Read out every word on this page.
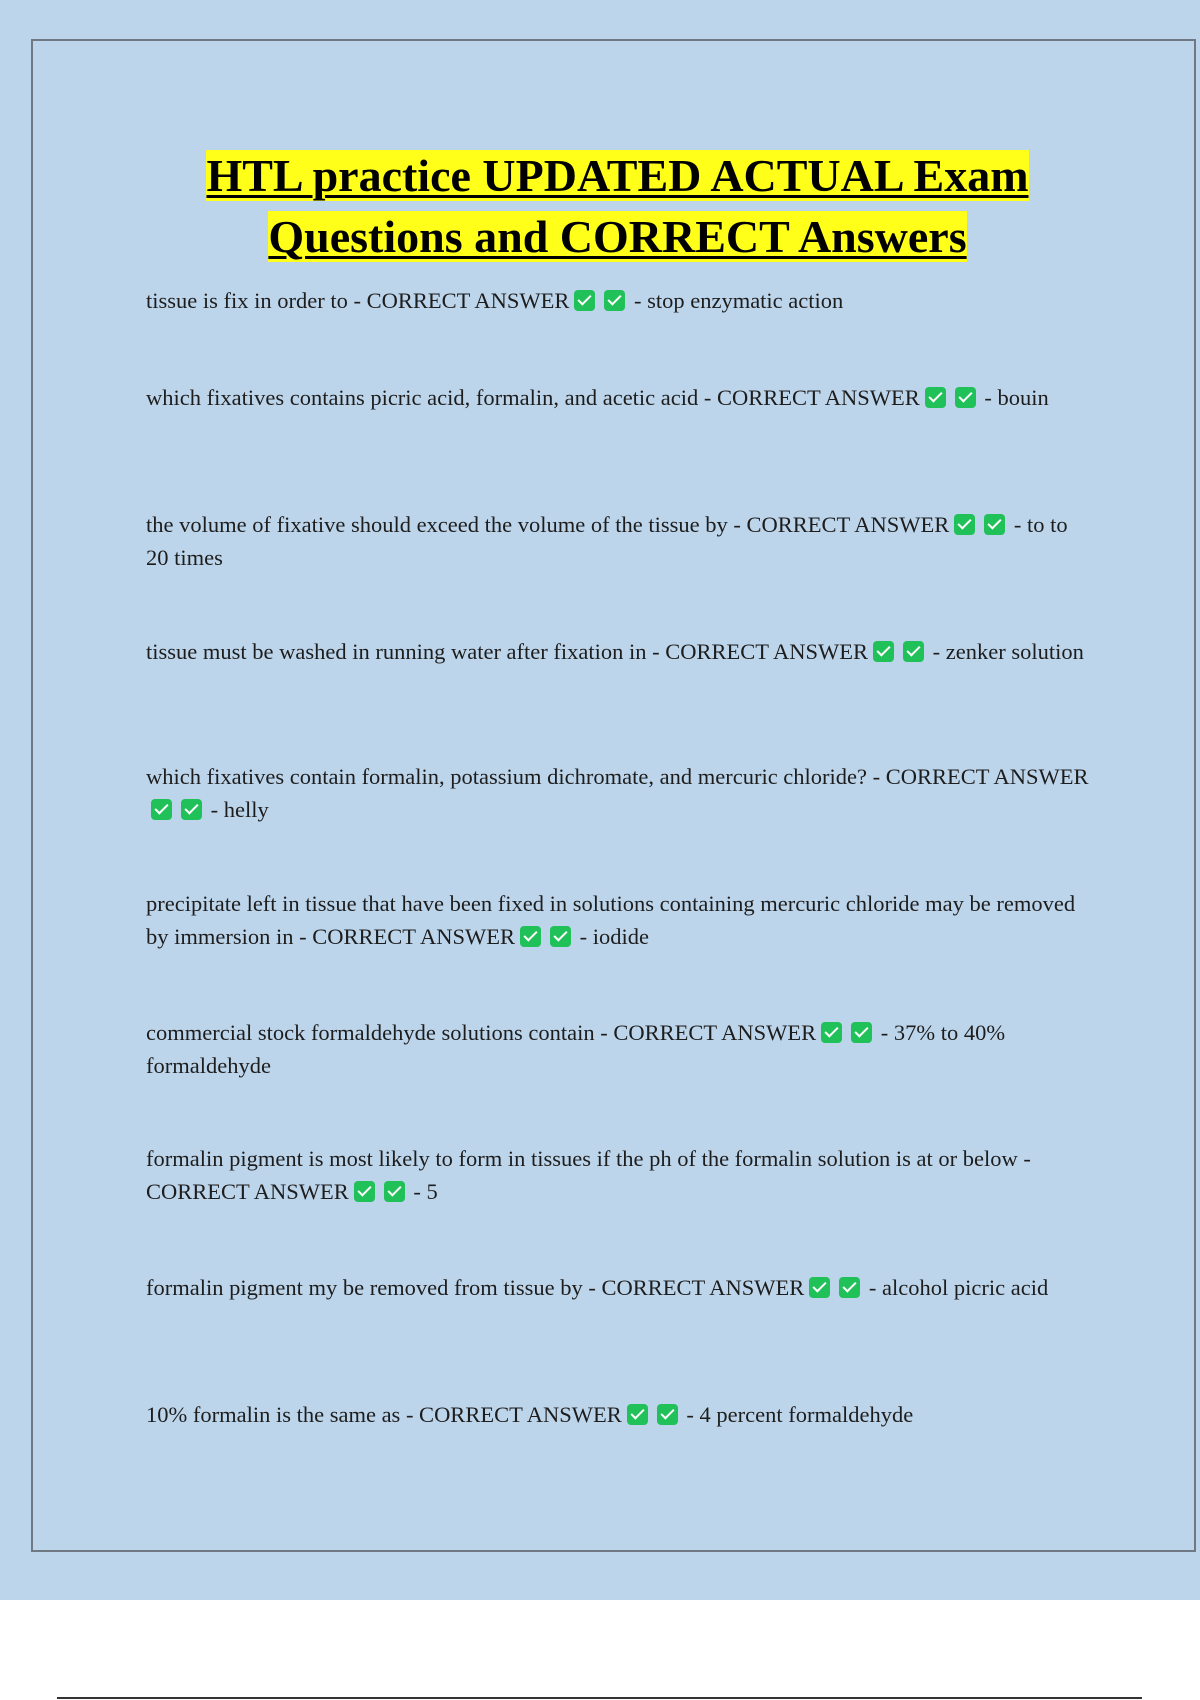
HTL practice UPDATED ACTUAL Exam
Questions and CORRECT Answers

tissue is fix in order to - CORRECT ANSWER	- stop enzymatic action

which fixatives contains picric acid, formalin, and acetic acid - CORRECT ANSWER	- bouin

the volume of fixative should exceed the volume of the tissue by - CORRECT ANSWER	- to to 20 times

tissue must be washed in running water after fixation in - CORRECT ANSWER	- zenker solution

which fixatives contain formalin, potassium dichromate, and mercuric chloride? - CORRECT ANSWER - helly

precipitate left in tissue that have been fixed in solutions containing mercuric chloride may be removed by immersion in - CORRECT ANSWER	- iodide

commercial stock formaldehyde solutions contain - CORRECT ANSWER	- 37% to 40% formaldehyde

formalin pigment is most likely to form in tissues if the ph of the formalin solution is at or below - CORRECT ANSWER	- 5

formalin pigment my be removed from tissue by - CORRECT ANSWER	- alcohol picric acid

10% formalin is the same as - CORRECT ANSWER	- 4 percent formaldehyde
